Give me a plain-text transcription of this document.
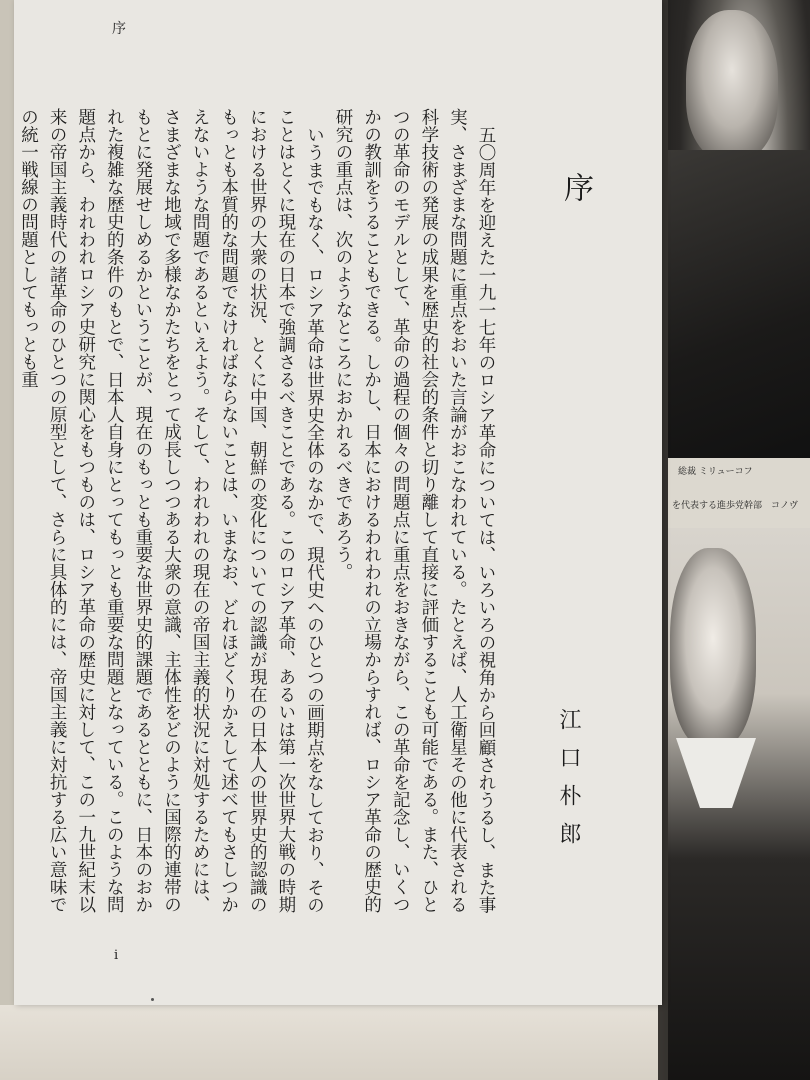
総裁 ミリューコフ
を代表する進歩党幹部　コノヴ
序
序
江口朴郎

五〇周年を迎えた一九一七年のロシア革命については、いろいろの視角から回顧されうるし、また事実、さまざまな問題に重点をおいた言論がおこなわれている。たとえば、人工衛星その他に代表される科学技術の発展の成果を歴史的社会的条件と切り離して直接に評価することも可能である。また、ひとつの革命のモデルとして、革命の過程の個々の問題点に重点をおきながら、この革命を記念し、いくつかの教訓をうることもできる。しかし、日本におけるわれわれの立場からすれば、ロシア革命の歴史的研究の重点は、次のようなところにおかれるべきであろう。

いうまでもなく、ロシア革命は世界史全体のなかで、現代史へのひとつの画期点をなしており、そのことはとくに現在の日本で強調さるべきことである。このロシア革命、あるいは第一次世界大戦の時期における世界の大衆の状況、とくに中国、朝鮮の変化についての認識が現在の日本人の世界史的認識のもっとも本質的な問題でなければならないことは、いまなお、どれほどくりかえして述べてもさしつかえないような問題であるといえよう。そして、われわれの現在の帝国主義的状況に対処するためには、さまざまな地域で多様なかたちをとって成長しつつある大衆の意識、主体性をどのように国際的連帯のもとに発展せしめるかということが、現在のもっとも重要な世界史的課題であるとともに、日本のおかれた複雑な歴史的条件のもとで、日本人自身にとってもっとも重要な問題となっている。このような問題点から、われわれロシア史研究に関心をもつものは、ロシア革命の歴史に対して、この一九世紀末以来の帝国主義時代の諸革命のひとつの原型として、さらに具体的には、帝国主義に対抗する広い意味での統一戦線の問題としてもっとも重

i
